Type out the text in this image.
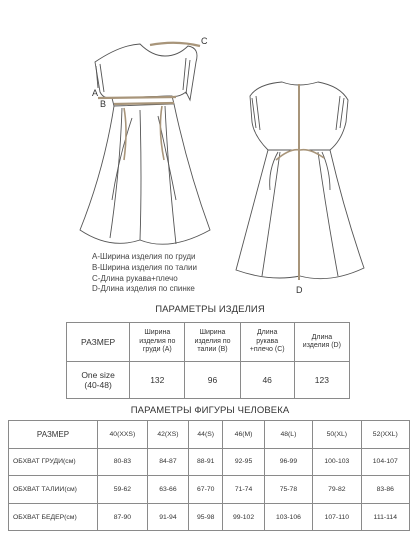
A
B
C
D
A-Ширина изделия по груди
B-Ширина изделия по талии
C-Длина рукава+плечо
D-Длина изделия по спинке
ПАРАМЕТРЫ ИЗДЕЛИЯ
РАЗМЕР	Ширина изделия по груди (А)	Ширина изделия по талии (В)	Длина рукава +плечо (С)	Длина изделия (D)

One size
(40-48)	132	96	46	123
ПАРАМЕТРЫ ФИГУРЫ ЧЕЛОВЕКА
РАЗМЕР	40(XXS)	42(XS)	44(S)	46(M)	48(L)	50(XL)	52(XXL)
ОБХВАТ ГРУДИ(см)	80-83	84-87	88-91	92-95	96-99	100-103	104-107
ОБХВАТ ТАЛИИ(см)	59-62	63-66	67-70	71-74	75-78	79-82	83-86
ОБХВАТ БЕДЕР(см)	87-90	91-94	95-98	99-102	103-106	107-110	111-114
